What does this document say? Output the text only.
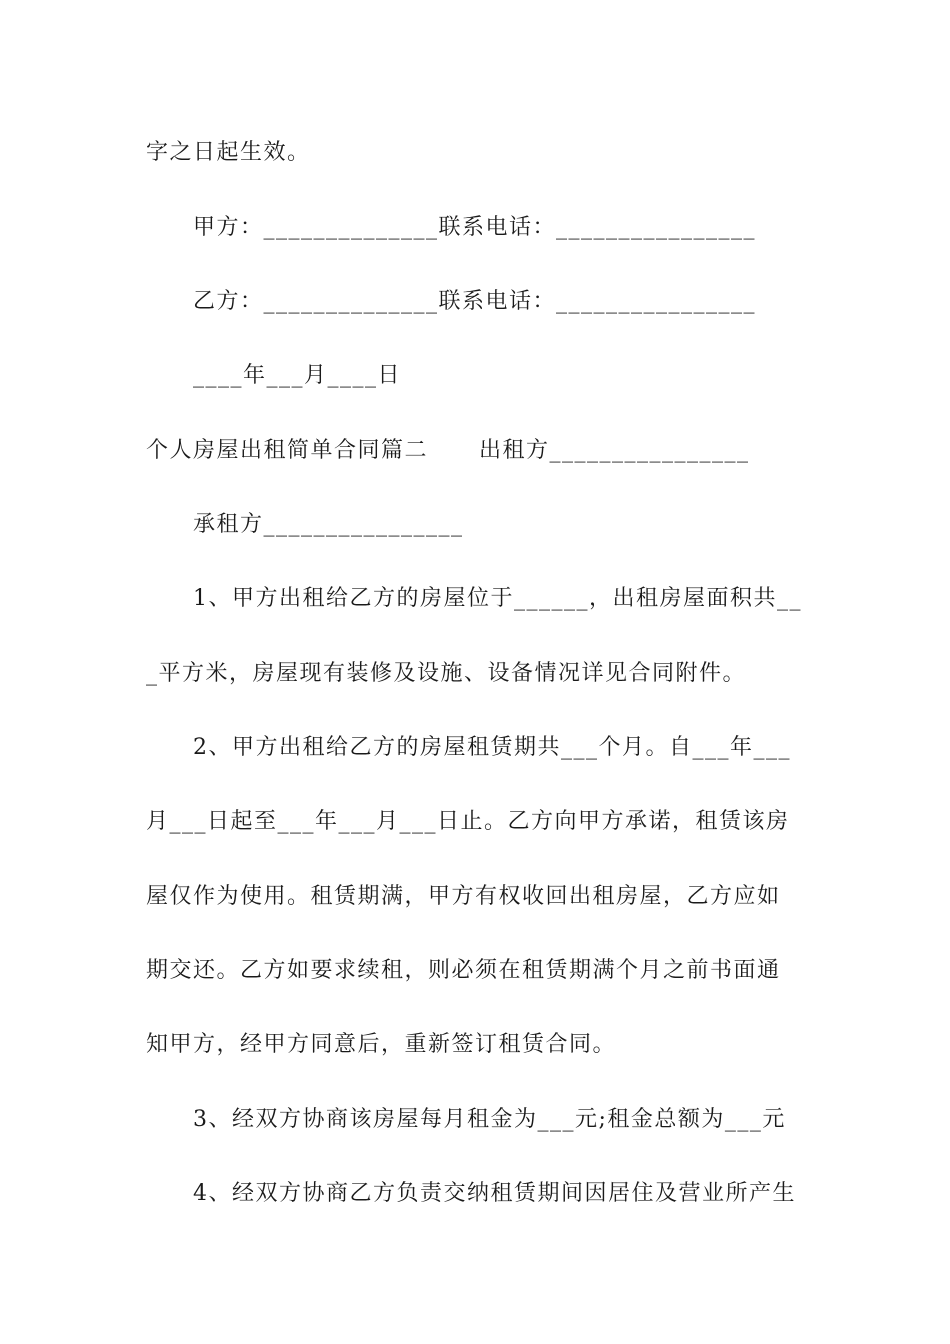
字之日起生效。
甲方：______________联系电话：________________
乙方：______________联系电话：________________
____年___月____日
个人房屋出租简单合同篇二      出租方________________
承租方________________
1、甲方出租给乙方的房屋位于______，出租房屋面积共__
_平方米，房屋现有装修及设施、设备情况详见合同附件。
2、甲方出租给乙方的房屋租赁期共___个月。自___年___
月___日起至___年___月___日止。乙方向甲方承诺，租赁该房
屋仅作为使用。租赁期满，甲方有权收回出租房屋，乙方应如
期交还。乙方如要求续租，则必须在租赁期满个月之前书面通
知甲方，经甲方同意后，重新签订租赁合同。
3、经双方协商该房屋每月租金为___元;租金总额为___元
4、经双方协商乙方负责交纳租赁期间因居住及营业所产生
